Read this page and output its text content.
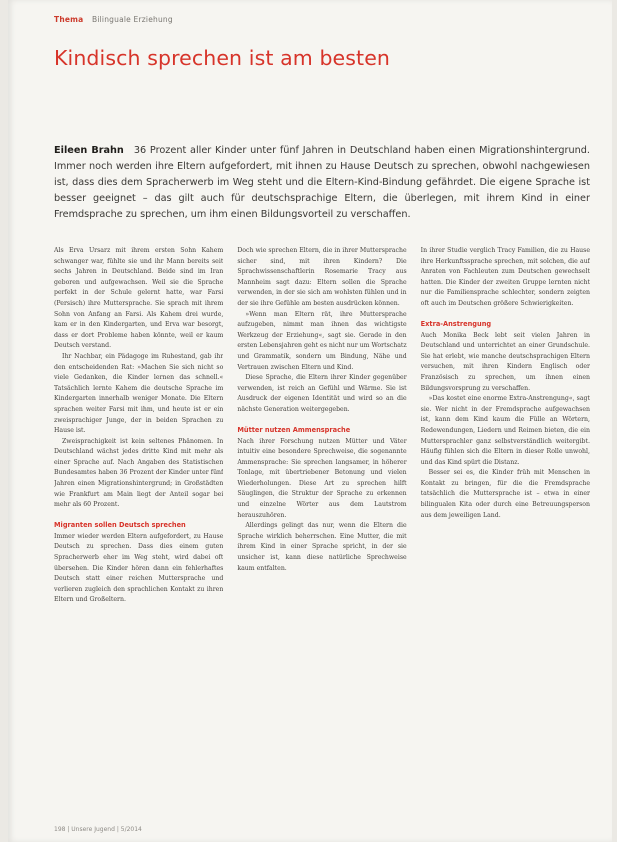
Thema Bilinguale Erziehung
Kindisch sprechen ist am besten
Eileen Brahn 36 Prozent aller Kinder unter fünf Jahren in Deutschland haben einen Migrationshintergrund. Immer noch werden ihre Eltern aufgefordert, mit ihnen zu Hause Deutsch zu sprechen, obwohl nachgewiesen ist, dass dies dem Spracherwerb im Weg steht und die Eltern-Kind-Bindung gefährdet. Die eigene Sprache ist besser geeignet – das gilt auch für deutschsprachige Eltern, die überlegen, mit ihrem Kind in einer Fremdsprache zu sprechen, um ihm einen Bildungsvorteil zu verschaffen.

Als Erva Ursarz mit ihrem ersten Sohn Kahem schwanger war, fühlte sie und ihr Mann bereits seit sechs Jahren in Deutschland. Beide sind im Iran geboren und aufgewachsen. Weil sie die Sprache perfekt in der Schule gelernt hatte, war Farsi (Persisch) ihre Muttersprache. Sie sprach mit ihrem Sohn von Anfang an Farsi. Als Kahem drei wurde, kam er in den Kindergarten, und Erva war besorgt, dass er dort Probleme haben könnte, weil er kaum Deutsch verstand.

Ihr Nachbar, ein Pädagoge im Ruhestand, gab ihr den entscheidenden Rat: »Machen Sie sich nicht so viele Gedanken, die Kinder lernen das schnell.« Tatsächlich lernte Kahem die deutsche Sprache im Kindergarten innerhalb weniger Monate. Die Eltern sprachen weiter Farsi mit ihm, und heute ist er ein zweisprachiger Junge, der in beiden Sprachen zu Hause ist.

Zweisprachigkeit ist kein seltenes Phänomen. In Deutschland wächst jedes dritte Kind mit mehr als einer Sprache auf. Nach Angaben des Statistischen Bundesamtes haben 36 Prozent der Kinder unter fünf Jahren einen Migrationshintergrund; in Großstädten wie Frankfurt am Main liegt der Anteil sogar bei mehr als 60 Prozent.

Migranten sollen Deutsch sprechen

Immer wieder werden Eltern aufgefordert, zu Hause Deutsch zu sprechen. Dass dies einem guten Spracherwerb eher im Weg steht, wird dabei oft übersehen. Die Kinder hören dann ein fehlerhaftes Deutsch statt einer reichen Muttersprache und verlieren zugleich den sprachlichen Kontakt zu ihren Eltern und Großeltern.

Doch wie sprechen Eltern, die in ihrer Muttersprache sicher sind, mit ihren Kindern? Die Sprachwissenschaftlerin Rosemarie Tracy aus Mannheim sagt dazu: Eltern sollen die Sprache verwenden, in der sie sich am wohlsten fühlen und in der sie ihre Gefühle am besten ausdrücken können.

»Wenn man Eltern rät, ihre Muttersprache aufzugeben, nimmt man ihnen das wichtigste Werkzeug der Erziehung«, sagt sie. Gerade in den ersten Lebensjahren geht es nicht nur um Wortschatz und Grammatik, sondern um Bindung, Nähe und Vertrauen zwischen Eltern und Kind.

Diese Sprache, die Eltern ihrer Kinder gegenüber verwenden, ist reich an Gefühl und Wärme. Sie ist Ausdruck der eigenen Identität und wird so an die nächste Generation weitergegeben.

Mütter nutzen Ammensprache

Nach ihrer Forschung nutzen Mütter und Väter intuitiv eine besondere Sprechweise, die sogenannte Ammensprache: Sie sprechen langsamer, in höherer Tonlage, mit übertriebener Betonung und vielen Wiederholungen. Diese Art zu sprechen hilft Säuglingen, die Struktur der Sprache zu erkennen und einzelne Wörter aus dem Lautstrom herauszuhören.

Allerdings gelingt das nur, wenn die Eltern die Sprache wirklich beherrschen. Eine Mutter, die mit ihrem Kind in einer Sprache spricht, in der sie unsicher ist, kann diese natürliche Sprechweise kaum entfalten.

In ihrer Studie verglich Tracy Familien, die zu Hause ihre Herkunftssprache sprechen, mit solchen, die auf Anraten von Fachleuten zum Deutschen gewechselt hatten. Die Kinder der zweiten Gruppe lernten nicht nur die Familiensprache schlechter, sondern zeigten oft auch im Deutschen größere Schwierigkeiten.

Extra-Anstrengung

Auch Monika Beck lebt seit vielen Jahren in Deutschland und unterrichtet an einer Grundschule. Sie hat erlebt, wie manche deutschsprachigen Eltern versuchen, mit ihren Kindern Englisch oder Französisch zu sprechen, um ihnen einen Bildungsvorsprung zu verschaffen.

»Das kostet eine enorme Extra-Anstrengung«, sagt sie. Wer nicht in der Fremdsprache aufgewachsen ist, kann dem Kind kaum die Fülle an Wörtern, Redewendungen, Liedern und Reimen bieten, die ein Muttersprachler ganz selbstverständlich weitergibt. Häufig fühlen sich die Eltern in dieser Rolle unwohl, und das Kind spürt die Distanz.

Besser sei es, die Kinder früh mit Menschen in Kontakt zu bringen, für die die Fremdsprache tatsächlich die Muttersprache ist – etwa in einer bilingualen Kita oder durch eine Betreuungsperson aus dem jeweiligen Land.

198 | Unsere Jugend | 5/2014
